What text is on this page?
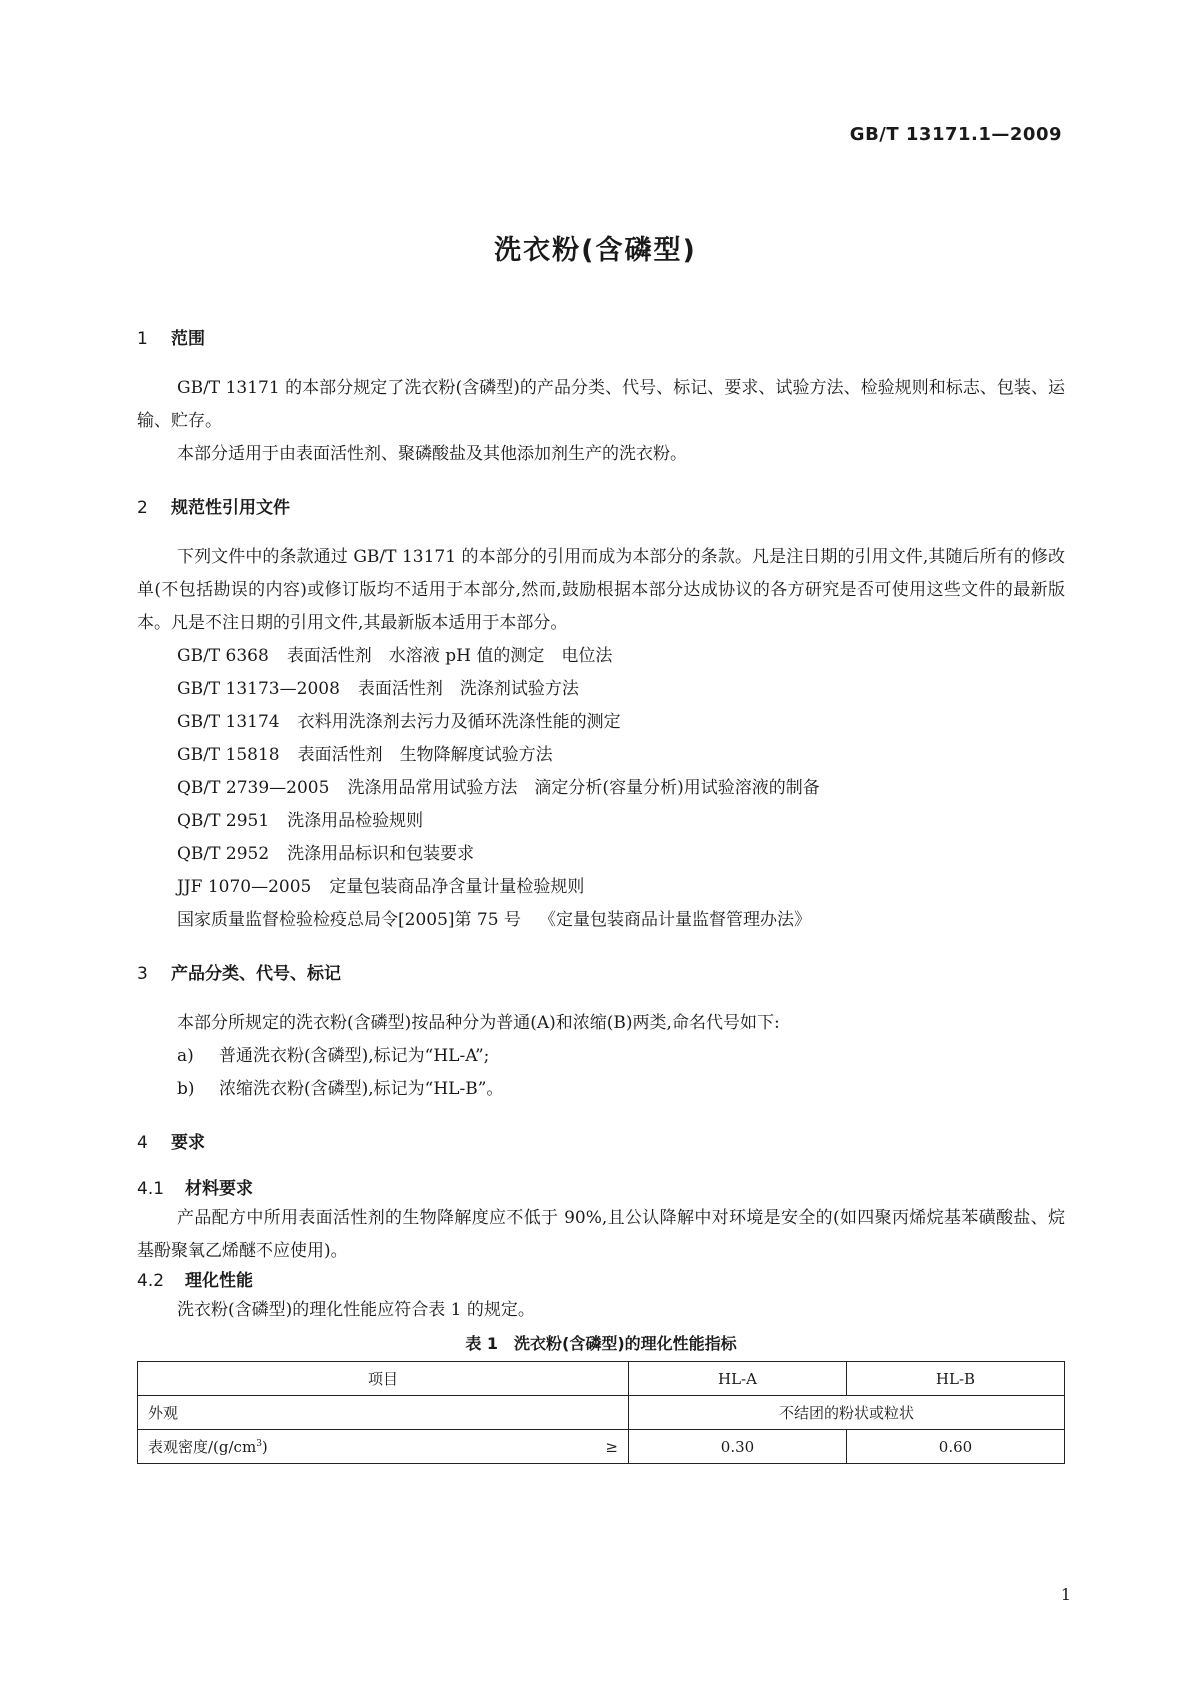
GB/T 13171.1—2009
洗衣粉(含磷型)
1 范围
GB/T 13171 的本部分规定了洗衣粉(含磷型)的产品分类、代号、标记、要求、试验方法、检验规则和标志、包装、运输、贮存。
本部分适用于由表面活性剂、聚磷酸盐及其他添加剂生产的洗衣粉。
2 规范性引用文件
下列文件中的条款通过 GB/T 13171 的本部分的引用而成为本部分的条款。凡是注日期的引用文件,其随后所有的修改单(不包括勘误的内容)或修订版均不适用于本部分,然而,鼓励根据本部分达成协议的各方研究是否可使用这些文件的最新版本。凡是不注日期的引用文件,其最新版本适用于本部分。
GB/T 6368 表面活性剂　水溶液 pH 值的测定　电位法
GB/T 13173—2008 表面活性剂　洗涤剂试验方法
GB/T 13174 衣料用洗涤剂去污力及循环洗涤性能的测定
GB/T 15818 表面活性剂　生物降解度试验方法
QB/T 2739—2005 洗涤用品常用试验方法　滴定分析(容量分析)用试验溶液的制备
QB/T 2951 洗涤用品检验规则
QB/T 2952 洗涤用品标识和包装要求
JJF 1070—2005 定量包装商品净含量计量检验规则
国家质量监督检验检疫总局令[2005]第 75 号 《定量包装商品计量监督管理办法》
3 产品分类、代号、标记
本部分所规定的洗衣粉(含磷型)按品种分为普通(A)和浓缩(B)两类,命名代号如下:
a) 普通洗衣粉(含磷型),标记为“HL-A”;
b) 浓缩洗衣粉(含磷型),标记为“HL-B”。
4 要求
4.1 材料要求
产品配方中所用表面活性剂的生物降解度应不低于 90%,且公认降解中对环境是安全的(如四聚丙烯烷基苯磺酸盐、烷基酚聚氧乙烯醚不应使用)。
4.2 理化性能
洗衣粉(含磷型)的理化性能应符合表 1 的规定。
表 1　洗衣粉(含磷型)的理化性能指标
项目		HL-A	HL-B
外观		不结团的粉状或粒状	
表观密度$/(g/cm^3)$	≥	0.30	0.60
1
